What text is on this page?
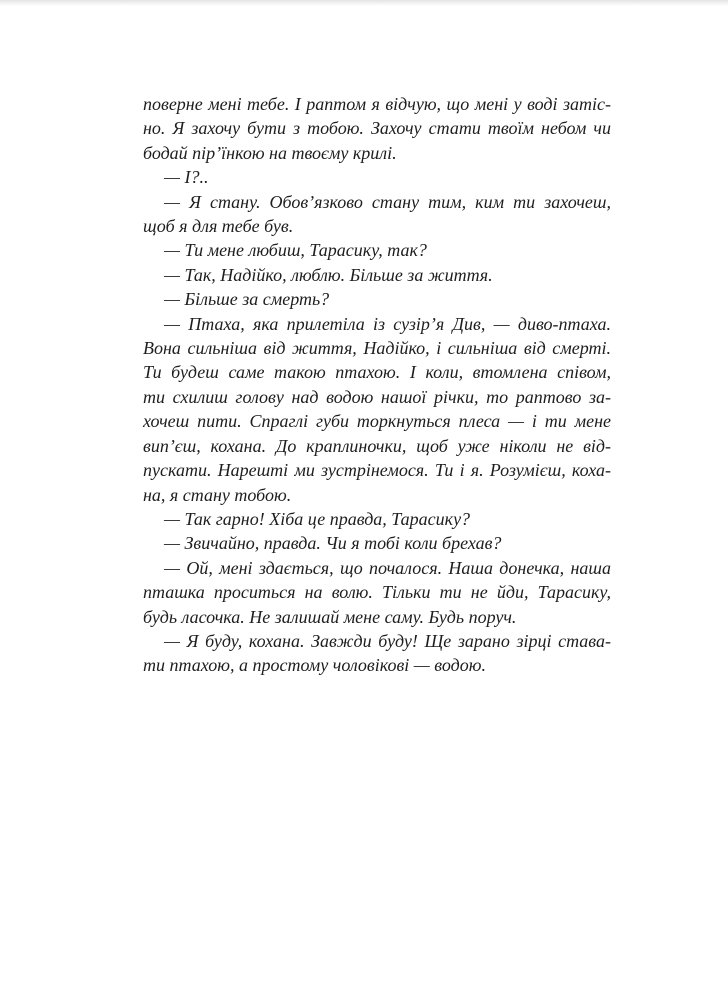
поверне мені тебе. І раптом я відчую, що мені у воді затіс-
но. Я захочу бути з тобою. Захочу стати твоїм небом чи
бодай пір’їнкою на твоєму крилі.
— І?..
— Я стану. Обов’язково стану тим, ким ти захочеш,
щоб я для тебе був.
— Ти мене любиш, Тарасику, так?
— Так, Надійко, люблю. Більше за життя.
— Більше за смерть?
— Птаха, яка прилетіла із сузір’я Див, — диво-птаха.
Вона сильніша від життя, Надійко, і сильніша від смерті.
Ти будеш саме такою птахою. І коли, втомлена співом,
ти схилиш голову над водою нашої річки, то раптово за-
хочеш пити. Спраглі губи торкнуться плеса — і ти мене
вип’єш, кохана. До краплиночки, щоб уже ніколи не від-
пускати. Нарешті ми зустрінемося. Ти і я. Розумієш, коха-
на, я стану тобою.
— Так гарно! Хіба це правда, Тарасику?
— Звичайно, правда. Чи я тобі коли брехав?
— Ой, мені здається, що почалося. Наша донечка, наша
пташка проситься на волю. Тільки ти не йди, Тарасику,
будь ласочка. Не залишай мене саму. Будь поруч.
— Я буду, кохана. Завжди буду! Ще зарано зірці става-
ти птахою, а простому чоловікові — водою.
